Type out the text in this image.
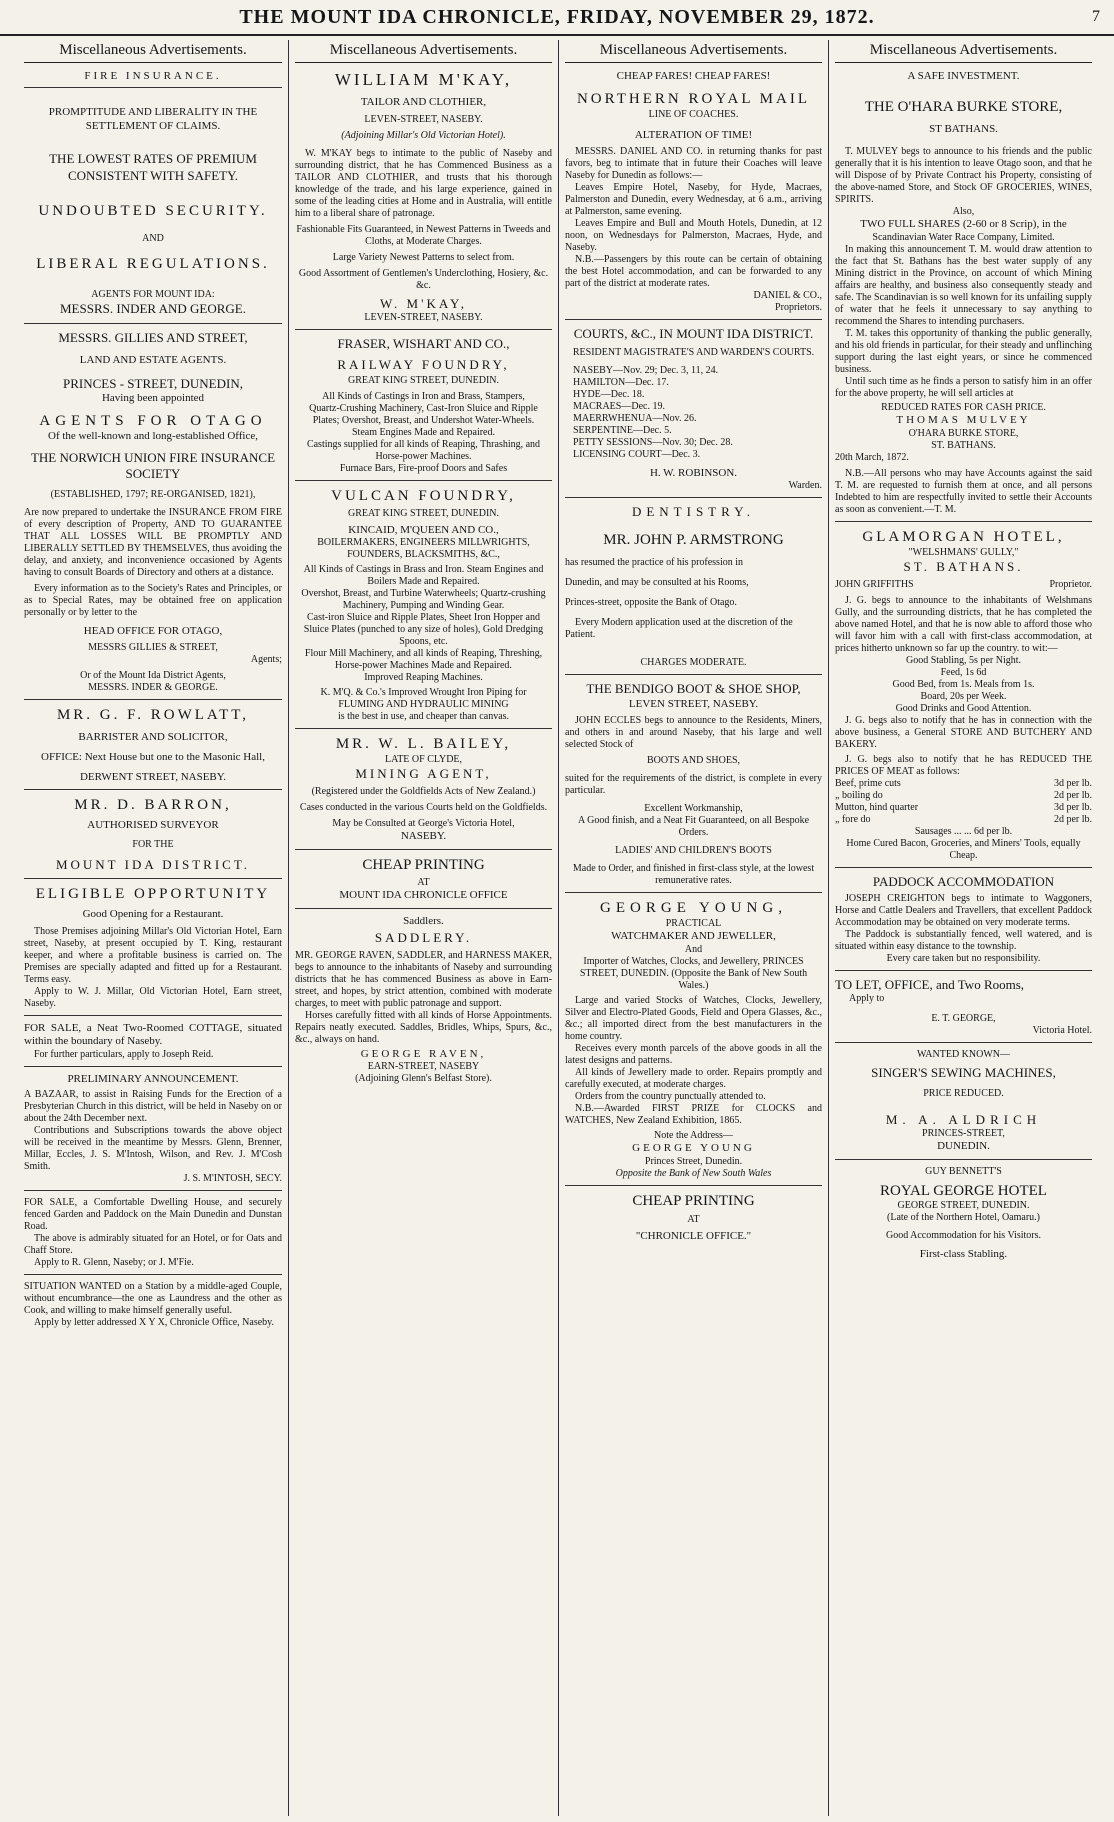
THE MOUNT IDA CHRONICLE, FRIDAY, NOVEMBER 29, 1872.	7
Miscellaneous Advertisements.
FIRE INSURANCE.
PROMPTITUDE AND LIBERALITY IN THE SETTLEMENT OF CLAIMS.
THE LOWEST RATES OF PREMIUM CONSISTENT WITH SAFETY.
UNDOUBTED SECURITY.
AND
LIBERAL REGULATIONS.
AGENTS FOR MOUNT IDA:
MESSRS. INDER AND GEORGE.
MESSRS. GILLIES AND STREET,
LAND AND ESTATE AGENTS.
PRINCES - STREET, DUNEDIN,
Having been appointed
AGENTS FOR OTAGO
Of the well-known and long-established Office,
THE NORWICH UNION FIRE INSURANCE SOCIETY
(ESTABLISHED, 1797; RE-ORGANISED, 1821),
Are now prepared to undertake the INSURANCE FROM FIRE of every description of Property, AND TO GUARANTEE THAT ALL LOSSES WILL BE PROMPTLY AND LIBERALLY SETTLED BY THEMSELVES, thus avoiding the delay, and anxiety, and inconvenience occasioned by Agents having to consult Boards of Directory and others at a distance.
Every information as to the Society's Rates and Principles, or as to Special Rates, may be obtained free on application personally or by letter to the
HEAD OFFICE FOR OTAGO,
MESSRS GILLIES & STREET,
Agents;
Or of the Mount Ida District Agents,
MESSRS. INDER & GEORGE.
MR. G. F. ROWLATT,
BARRISTER AND SOLICITOR,
OFFICE: Next House but one to the Masonic Hall,
DERWENT STREET, NASEBY.
MR. D. BARRON,
AUTHORISED SURVEYOR
FOR THE
MOUNT IDA DISTRICT.
ELIGIBLE OPPORTUNITY
Good Opening for a Restaurant.
Those Premises adjoining Millar's Old Victorian Hotel, Earn street, Naseby, at present occupied by T. King, restaurant keeper, and where a profitable business is carried on. The Premises are specially adapted and fitted up for a Restaurant. Terms easy.
Apply to W. J. Millar, Old Victorian Hotel, Earn street, Naseby.
FOR SALE, a Neat Two-Roomed COTTAGE, situated within the boundary of Naseby.
For further particulars, apply to Joseph Reid.
PRELIMINARY ANNOUNCEMENT.
A BAZAAR, to assist in Raising Funds for the Erection of a Presbyterian Church in this district, will be held in Naseby on or about the 24th December next.
Contributions and Subscriptions towards the above object will be received in the meantime by Messrs. Glenn, Brenner, Millar, Eccles, J. S. M'Intosh, Wilson, and Rev. J. M'Cosh Smith.
J. S. M'INTOSH, SECY.
FOR SALE, a Comfortable Dwelling House, and securely fenced Garden and Paddock on the Main Dunedin and Dunstan Road.
The above is admirably situated for an Hotel, or for Oats and Chaff Store.
Apply to R. Glenn, Naseby; or J. M'Fie.
SITUATION WANTED on a Station by a middle-aged Couple, without encumbrance—the one as Laundress and the other as Cook, and willing to make himself generally useful.
Apply by letter addressed X Y X, Chronicle Office, Naseby.
Miscellaneous Advertisements.
WILLIAM M'KAY,
TAILOR AND CLOTHIER,
LEVEN-STREET, NASEBY.
(Adjoining Millar's Old Victorian Hotel).
W. M'KAY begs to intimate to the public of Naseby and surrounding district, that he has Commenced Business as a TAILOR AND CLOTHIER, and trusts that his thorough knowledge of the trade, and his large experience, gained in some of the leading cities at Home and in Australia, will entitle him to a liberal share of patronage.
Fashionable Fits Guaranteed, in Newest Patterns in Tweeds and Cloths, at Moderate Charges.
Large Variety Newest Patterns to select from.
Good Assortment of Gentlemen's Underclothing, Hosiery, &c. &c.
W. M'KAY,
LEVEN-STREET, NASEBY.
FRASER, WISHART AND CO.,
RAILWAY FOUNDRY,
GREAT KING STREET, DUNEDIN.
All Kinds of Castings in Iron and Brass, Stampers,
Quartz-Crushing Machinery, Cast-Iron Sluice and Ripple Plates; Overshot, Breast, and Undershot Water-Wheels.
Steam Engines Made and Repaired.
Castings supplied for all kinds of Reaping, Thrashing, and Horse-power Machines.
Furnace Bars, Fire-proof Doors and Safes
VULCAN FOUNDRY,
GREAT KING STREET, DUNEDIN.
KINCAID, M'QUEEN AND CO.,
BOILERMAKERS, ENGINEERS MILLWRIGHTS, FOUNDERS, BLACKSMITHS, &C.,
All Kinds of Castings in Brass and Iron. Steam Engines and Boilers Made and Repaired.
Overshot, Breast, and Turbine Waterwheels; Quartz-crushing Machinery, Pumping and Winding Gear.
Cast-iron Sluice and Ripple Plates, Sheet Iron Hopper and Sluice Plates (punched to any size of holes), Gold Dredging Spoons, etc.
Flour Mill Machinery, and all kinds of Reaping, Threshing, Horse-power Machines Made and Repaired.
Improved Reaping Machines.
K. M'Q. & Co.'s Improved Wrought Iron Piping for
FLUMING AND HYDRAULIC MINING
is the best in use, and cheaper than canvas.
MR. W. L. BAILEY,
LATE OF CLYDE,
MINING AGENT,
(Registered under the Goldfields Acts of New Zealand.)
Cases conducted in the various Courts held on the Goldfields.
May be Consulted at George's Victoria Hotel,
NASEBY.
CHEAP PRINTING
AT
MOUNT IDA CHRONICLE OFFICE
Saddlers.
SADDLERY.
MR. GEORGE RAVEN, SADDLER, and HARNESS MAKER, begs to announce to the inhabitants of Naseby and surrounding districts that he has commenced Business as above in Earn-street, and hopes, by strict attention, combined with moderate charges, to meet with public patronage and support.
Horses carefully fitted with all kinds of Horse Appointments. Repairs neatly executed. Saddles, Bridles, Whips, Spurs, &c., &c., always on hand.
GEORGE RAVEN,
EARN-STREET, NASEBY
(Adjoining Glenn's Belfast Store).
Miscellaneous Advertisements.
CHEAP FARES! CHEAP FARES!
NORTHERN ROYAL MAIL
LINE OF COACHES.
ALTERATION OF TIME!
MESSRS. DANIEL AND CO. in returning thanks for past favors, beg to intimate that in future their Coaches will leave Naseby for Dunedin as follows:—
Leaves Empire Hotel, Naseby, for Hyde, Macraes, Palmerston and Dunedin, every Wednesday, at 6 a.m., arriving at Palmerston, same evening.
Leaves Empire and Bull and Mouth Hotels, Dunedin, at 12 noon, on Wednesdays for Palmerston, Macraes, Hyde, and Naseby.
N.B.—Passengers by this route can be certain of obtaining the best Hotel accommodation, and can be forwarded to any part of the district at moderate rates.
DANIEL & CO.,
Proprietors.
COURTS, &C., IN MOUNT IDA DISTRICT.
RESIDENT MAGISTRATE'S AND WARDEN'S COURTS.
NASEBY—Nov. 29; Dec. 3, 11, 24.
HAMILTON—Dec. 17.
HYDE—Dec. 18.
MACRAES—Dec. 19.
MAERRWHENUA—Nov. 26.
SERPENTINE—Dec. 5.
PETTY SESSIONS—Nov. 30; Dec. 28.
LICENSING COURT—Dec. 3.
H. W. ROBINSON.
Warden.
DENTISTRY.
MR. JOHN P. ARMSTRONG
has resumed the practice of his profession in
Dunedin, and may be consulted at his Rooms,
Princes-street, opposite the Bank of Otago.
Every Modern application used at the discretion of the Patient.
CHARGES MODERATE.
THE BENDIGO BOOT & SHOE SHOP,
LEVEN STREET, NASEBY.
JOHN ECCLES begs to announce to the Residents, Miners, and others in and around Naseby, that his large and well selected Stock of
BOOTS AND SHOES,
suited for the requirements of the district, is complete in every particular.
Excellent Workmanship,
A Good finish, and a Neat Fit Guaranteed, on all Bespoke Orders.
LADIES' AND CHILDREN'S BOOTS
Made to Order, and finished in first-class style, at the lowest remunerative rates.
GEORGE YOUNG,
PRACTICAL
WATCHMAKER AND JEWELLER,
And
Importer of Watches, Clocks, and Jewellery, PRINCES STREET, DUNEDIN. (Opposite the Bank of New South Wales.)
Large and varied Stocks of Watches, Clocks, Jewellery, Silver and Electro-Plated Goods, Field and Opera Glasses, &c., &c.; all imported direct from the best manufacturers in the home country.
Receives every month parcels of the above goods in all the latest designs and patterns.
All kinds of Jewellery made to order. Repairs promptly and carefully executed, at moderate charges.
Orders from the country punctually attended to.
N.B.—Awarded FIRST PRIZE for CLOCKS and WATCHES, New Zealand Exhibition, 1865.
Note the Address—
GEORGE YOUNG
Princes Street, Dunedin.
Opposite the Bank of New South Wales
CHEAP PRINTING
AT
"CHRONICLE OFFICE."
Miscellaneous Advertisements.
A SAFE INVESTMENT.
THE O'HARA BURKE STORE,
ST BATHANS.
T. MULVEY begs to announce to his friends and the public generally that it is his intention to leave Otago soon, and that he will Dispose of by Private Contract his Property, consisting of the above-named Store, and Stock OF GROCERIES, WINES, SPIRITS.
Also,
TWO FULL SHARES (2-60 or 8 Scrip), in the
Scandinavian Water Race Company, Limited.
In making this announcement T. M. would draw attention to the fact that St. Bathans has the best water supply of any Mining district in the Province, on account of which Mining affairs are healthy, and business also consequently steady and safe. The Scandinavian is so well known for its unfailing supply of water that he feels it unnecessary to say anything to recommend the Shares to intending purchasers.
T. M. takes this opportunity of thanking the public generally, and his old friends in particular, for their steady and unflinching support during the last eight years, or since he commenced business.
Until such time as he finds a person to satisfy him in an offer for the above property, he will sell articles at
REDUCED RATES FOR CASH PRICE.
THOMAS MULVEY
O'HARA BURKE STORE,
ST. BATHANS.
20th March, 1872.
N.B.—All persons who may have Accounts against the said T. M. are requested to furnish them at once, and all persons Indebted to him are respectfully invited to settle their Accounts as soon as convenient.—T. M.
GLAMORGAN HOTEL,
"WELSHMANS' GULLY,"
ST. BATHANS.
JOHN GRIFFITHS	Proprietor.
J. G. begs to announce to the inhabitants of Welshmans Gully, and the surrounding districts, that he has completed the above named Hotel, and that he is now able to afford those who will favor him with a call with first-class accommodation, at prices hitherto unknown so far up the country. to wit:—
Good Stabling, 5s per Night.
Feed, 1s 6d
Good Bed, from 1s. Meals from 1s.
Board, 20s per Week.
Good Drinks and Good Attention.
J. G. begs also to notify that he has in connection with the above business, a General STORE AND BUTCHERY AND BAKERY.
J. G. begs also to notify that he has REDUCED THE PRICES OF MEAT as follows:
Beef, prime cuts	3d per lb.
„ boiling do	2d per lb.
Mutton, hind quarter	3d per lb.
„ fore do	2d per lb.
Sausages ... ... 6d per lb.
Home Cured Bacon, Groceries, and Miners' Tools, equally Cheap.
PADDOCK ACCOMMODATION
JOSEPH CREIGHTON begs to intimate to Waggoners, Horse and Cattle Dealers and Travellers, that excellent Paddock Accommodation may be obtained on very moderate terms.
The Paddock is substantially fenced, well watered, and is situated within easy distance to the township.
Every care taken but no responsibility.
TO LET, OFFICE, and Two Rooms,
Apply to
E. T. GEORGE,
Victoria Hotel.
WANTED KNOWN—
SINGER'S SEWING MACHINES,
PRICE REDUCED.
M. A. ALDRICH
PRINCES-STREET,
DUNEDIN.
GUY BENNETT'S
ROYAL GEORGE HOTEL
GEORGE STREET, DUNEDIN.
(Late of the Northern Hotel, Oamaru.)
Good Accommodation for his Visitors.
First-class Stabling.
